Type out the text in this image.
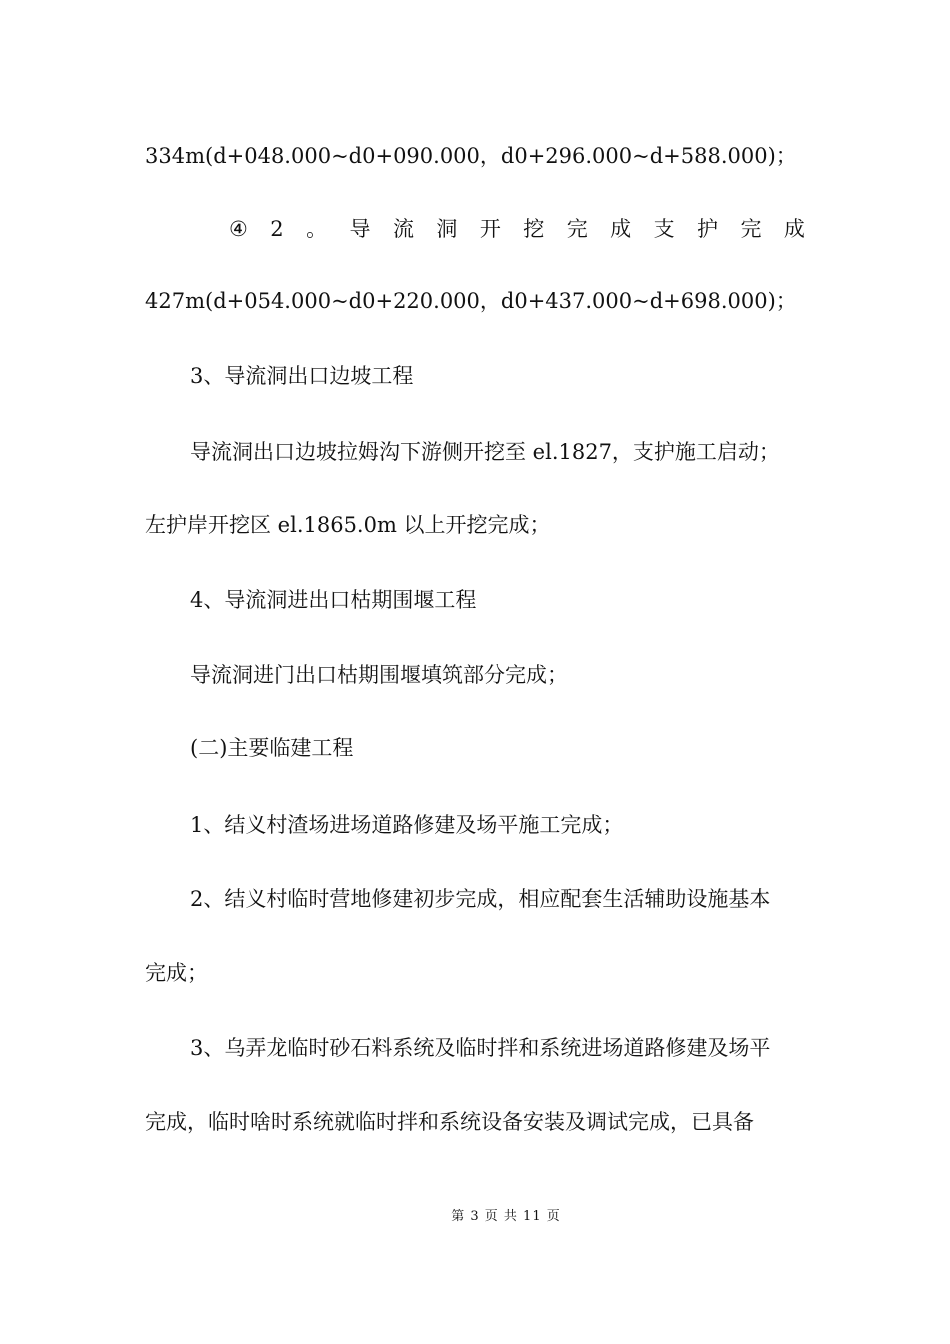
334m(d+048.000~d0+090.000，d0+296.000~d+588.000)；
④ 2 。 导 流 洞 开 挖 完 成 支 护 完 成
427m(d+054.000~d0+220.000，d0+437.000~d+698.000)；
3、导流洞出口边坡工程
导流洞出口边坡拉姆沟下游侧开挖至 el.1827，支护施工启动；
左护岸开挖区 el.1865.0m 以上开挖完成；
4、导流洞进出口枯期围堰工程
导流洞进门出口枯期围堰填筑部分完成；
(二)主要临建工程
1、结义村渣场进场道路修建及场平施工完成；
2、结义村临时营地修建初步完成，相应配套生活辅助设施基本
完成；
3、乌弄龙临时砂石料系统及临时拌和系统进场道路修建及场平
完成，临时啥时系统就临时拌和系统设备安装及调试完成，已具备
第 3 页 共 11 页
